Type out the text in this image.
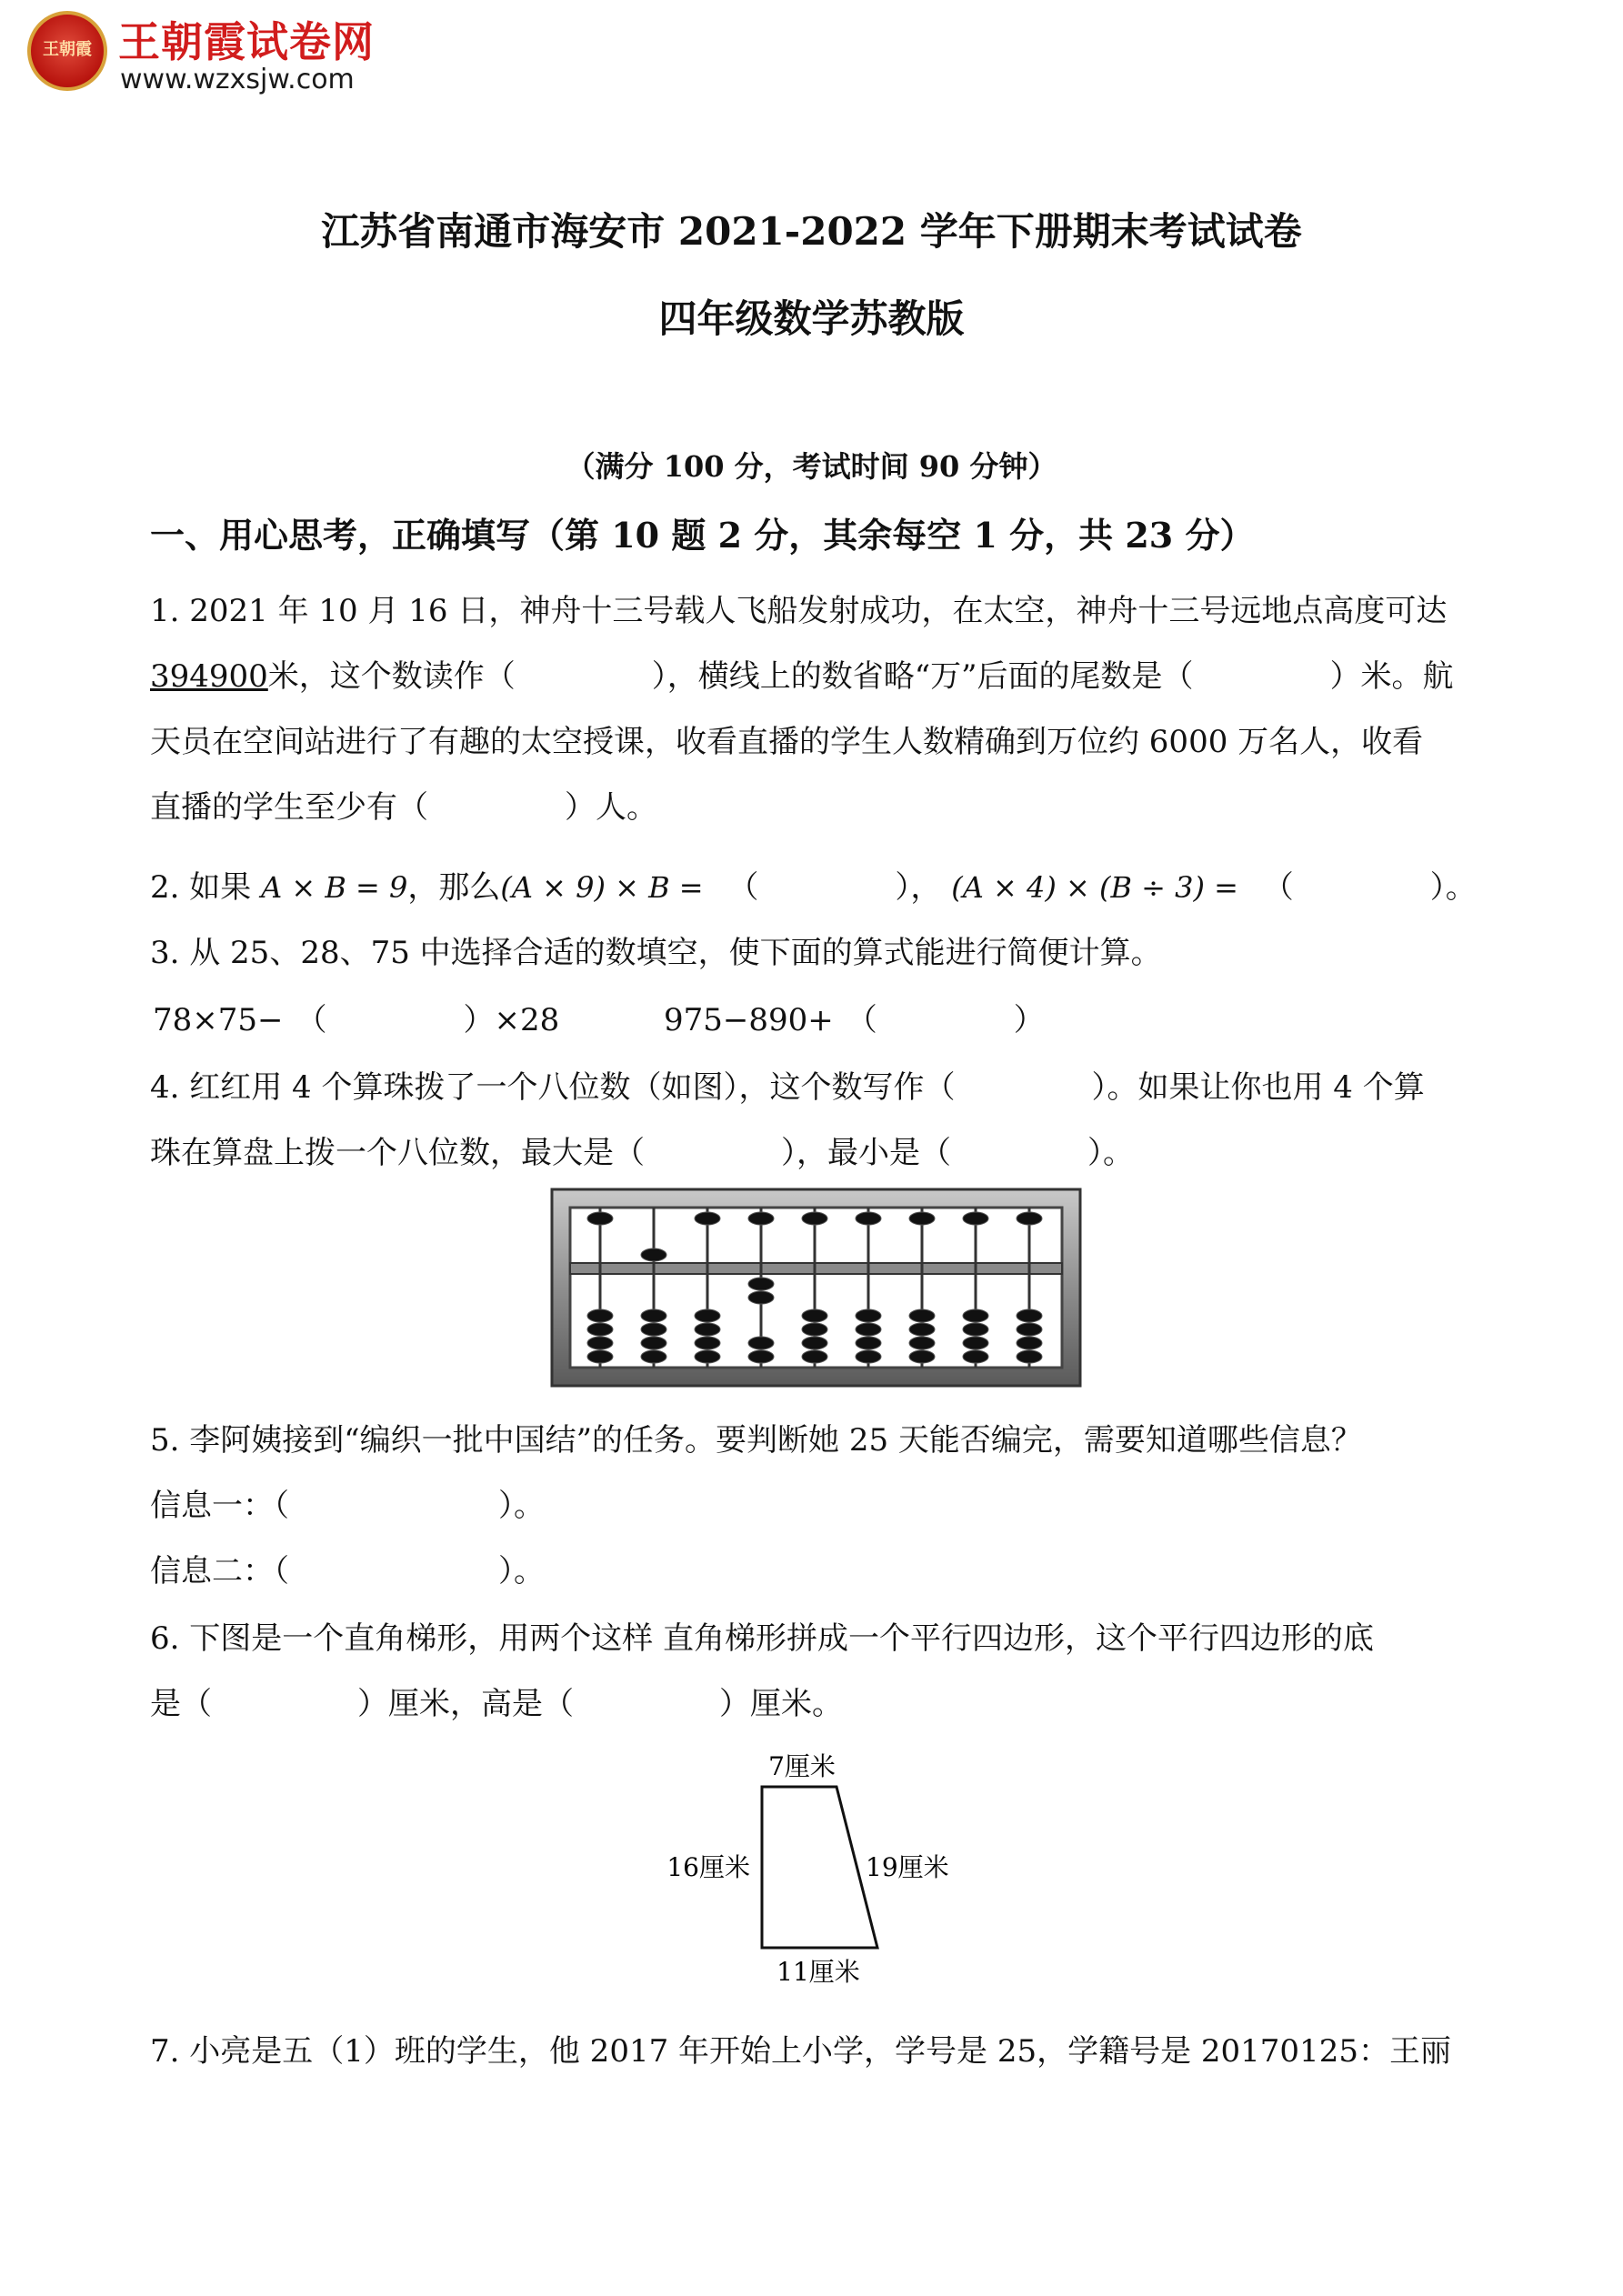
王朝霞 王朝霞试卷网
www.wzxsjw.com
江苏省南通市海安市 2021-2022 学年下册期末考试试卷
四年级数学苏教版
（满分 100 分，考试时间 90 分钟）
一、用心思考，正确填写（第 10 题 2 分，其余每空 1 分，共 23 分）
1. 2021 年 10 月 16 日，神舟十三号载人飞船发射成功，在太空，神舟十三号远地点高度可达
394900米，这个数读作（	），横线上的数省略“万”后面的尾数是（	）米。航
天员在空间站进行了有趣的太空授课，收看直播的学生人数精确到万位约 6000 万名人，收看
直播的学生至少有（	）人。
2. 如果 A × B = 9，那么(A × 9) × B = （	）， (A × 4) × (B ÷ 3) = （	）。
3. 从 25、28、75 中选择合适的数填空，使下面的算式能进行简便计算。
78×75− （	）×28	975−890+ （	）
4. 红红用 4 个算珠拨了一个八位数（如图），这个数写作（	）。如果让你也用 4 个算
珠在算盘上拨一个八位数，最大是（	），最小是（	）。
5. 李阿姨接到“编织一批中国结”的任务。要判断她 25 天能否编完，需要知道哪些信息？
信息一：（	）。
信息二：（	）。
6. 下图是一个直角梯形，用两个这样 直角梯形拼成一个平行四边形，这个平行四边形的底
是（	）厘米，高是（	）厘米。
7厘米
16厘米	19厘米
11厘米
7. 小亮是五（1）班的学生，他 2017 年开始上小学，学号是 25，学籍号是 20170125：王丽
